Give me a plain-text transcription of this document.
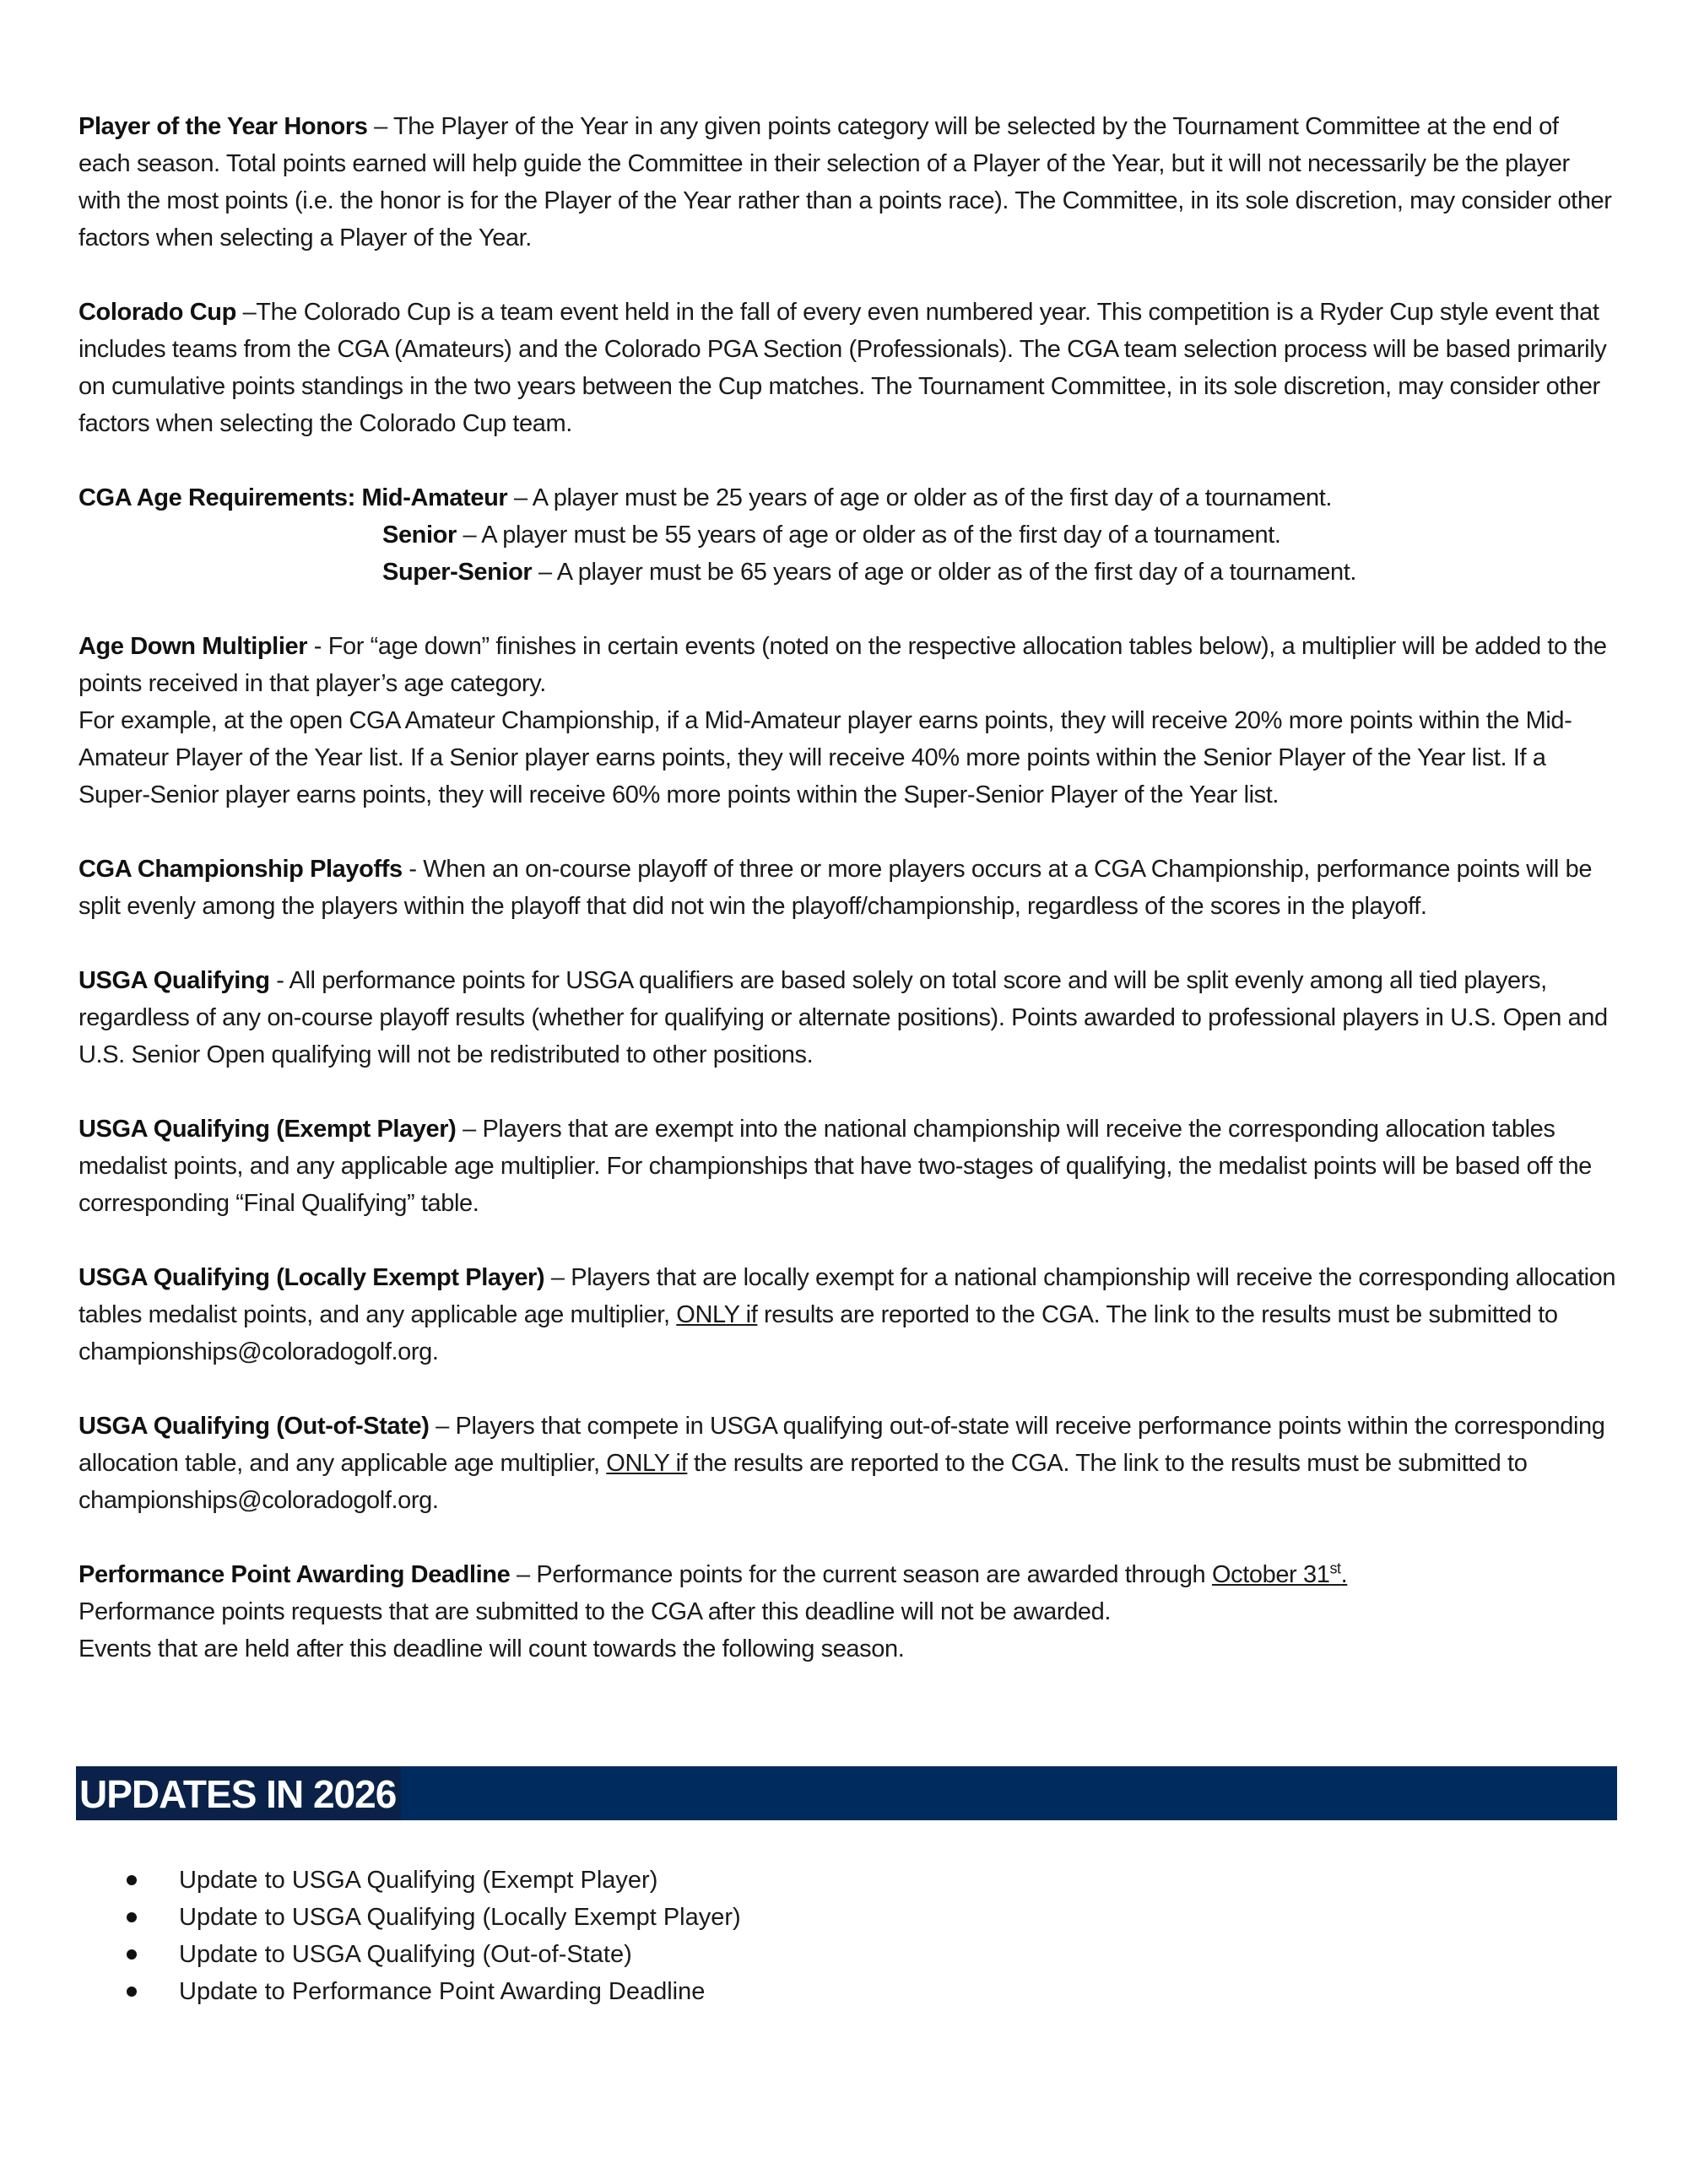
Player of the Year Honors – The Player of the Year in any given points category will be selected by the Tournament Committee at the end of each season. Total points earned will help guide the Committee in their selection of a Player of the Year, but it will not necessarily be the player with the most points (i.e. the honor is for the Player of the Year rather than a points race). The Committee, in its sole discretion, may consider other factors when selecting a Player of the Year.

Colorado Cup –The Colorado Cup is a team event held in the fall of every even numbered year. This competition is a Ryder Cup style event that includes teams from the CGA (Amateurs) and the Colorado PGA Section (Professionals). The CGA team selection process will be based primarily on cumulative points standings in the two years between the Cup matches. The Tournament Committee, in its sole discretion, may consider other factors when selecting the Colorado Cup team.

CGA Age Requirements: Mid-Amateur – A player must be 25 years of age or older as of the first day of a tournament.
Senior – A player must be 55 years of age or older as of the first day of a tournament.
Super-Senior – A player must be 65 years of age or older as of the first day of a tournament.

Age Down Multiplier - For “age down” finishes in certain events (noted on the respective allocation tables below), a multiplier will be added to the points received in that player’s age category.
For example, at the open CGA Amateur Championship, if a Mid-Amateur player earns points, they will receive 20% more points within the Mid-Amateur Player of the Year list. If a Senior player earns points, they will receive 40% more points within the Senior Player of the Year list. If a Super-Senior player earns points, they will receive 60% more points within the Super-Senior Player of the Year list.

CGA Championship Playoffs - When an on-course playoff of three or more players occurs at a CGA Championship, performance points will be split evenly among the players within the playoff that did not win the playoff/championship, regardless of the scores in the playoff.

USGA Qualifying - All performance points for USGA qualifiers are based solely on total score and will be split evenly among all tied players, regardless of any on-course playoff results (whether for qualifying or alternate positions). Points awarded to professional players in U.S. Open and U.S. Senior Open qualifying will not be redistributed to other positions.

USGA Qualifying (Exempt Player) – Players that are exempt into the national championship will receive the corresponding allocation tables medalist points, and any applicable age multiplier. For championships that have two-stages of qualifying, the medalist points will be based off the corresponding “Final Qualifying” table.

USGA Qualifying (Locally Exempt Player) – Players that are locally exempt for a national championship will receive the corresponding allocation tables medalist points, and any applicable age multiplier, ONLY if results are reported to the CGA. The link to the results must be submitted to championships@coloradogolf.org.

USGA Qualifying (Out-of-State) – Players that compete in USGA qualifying out-of-state will receive performance points within the corresponding allocation table, and any applicable age multiplier, ONLY if the results are reported to the CGA. The link to the results must be submitted to championships@coloradogolf.org.

Performance Point Awarding Deadline – Performance points for the current season are awarded through October 31st.
Performance points requests that are submitted to the CGA after this deadline will not be awarded.
Events that are held after this deadline will count towards the following season.

UPDATES IN 2026
Update to USGA Qualifying (Exempt Player)
Update to USGA Qualifying (Locally Exempt Player)
Update to USGA Qualifying (Out-of-State)
Update to Performance Point Awarding Deadline
